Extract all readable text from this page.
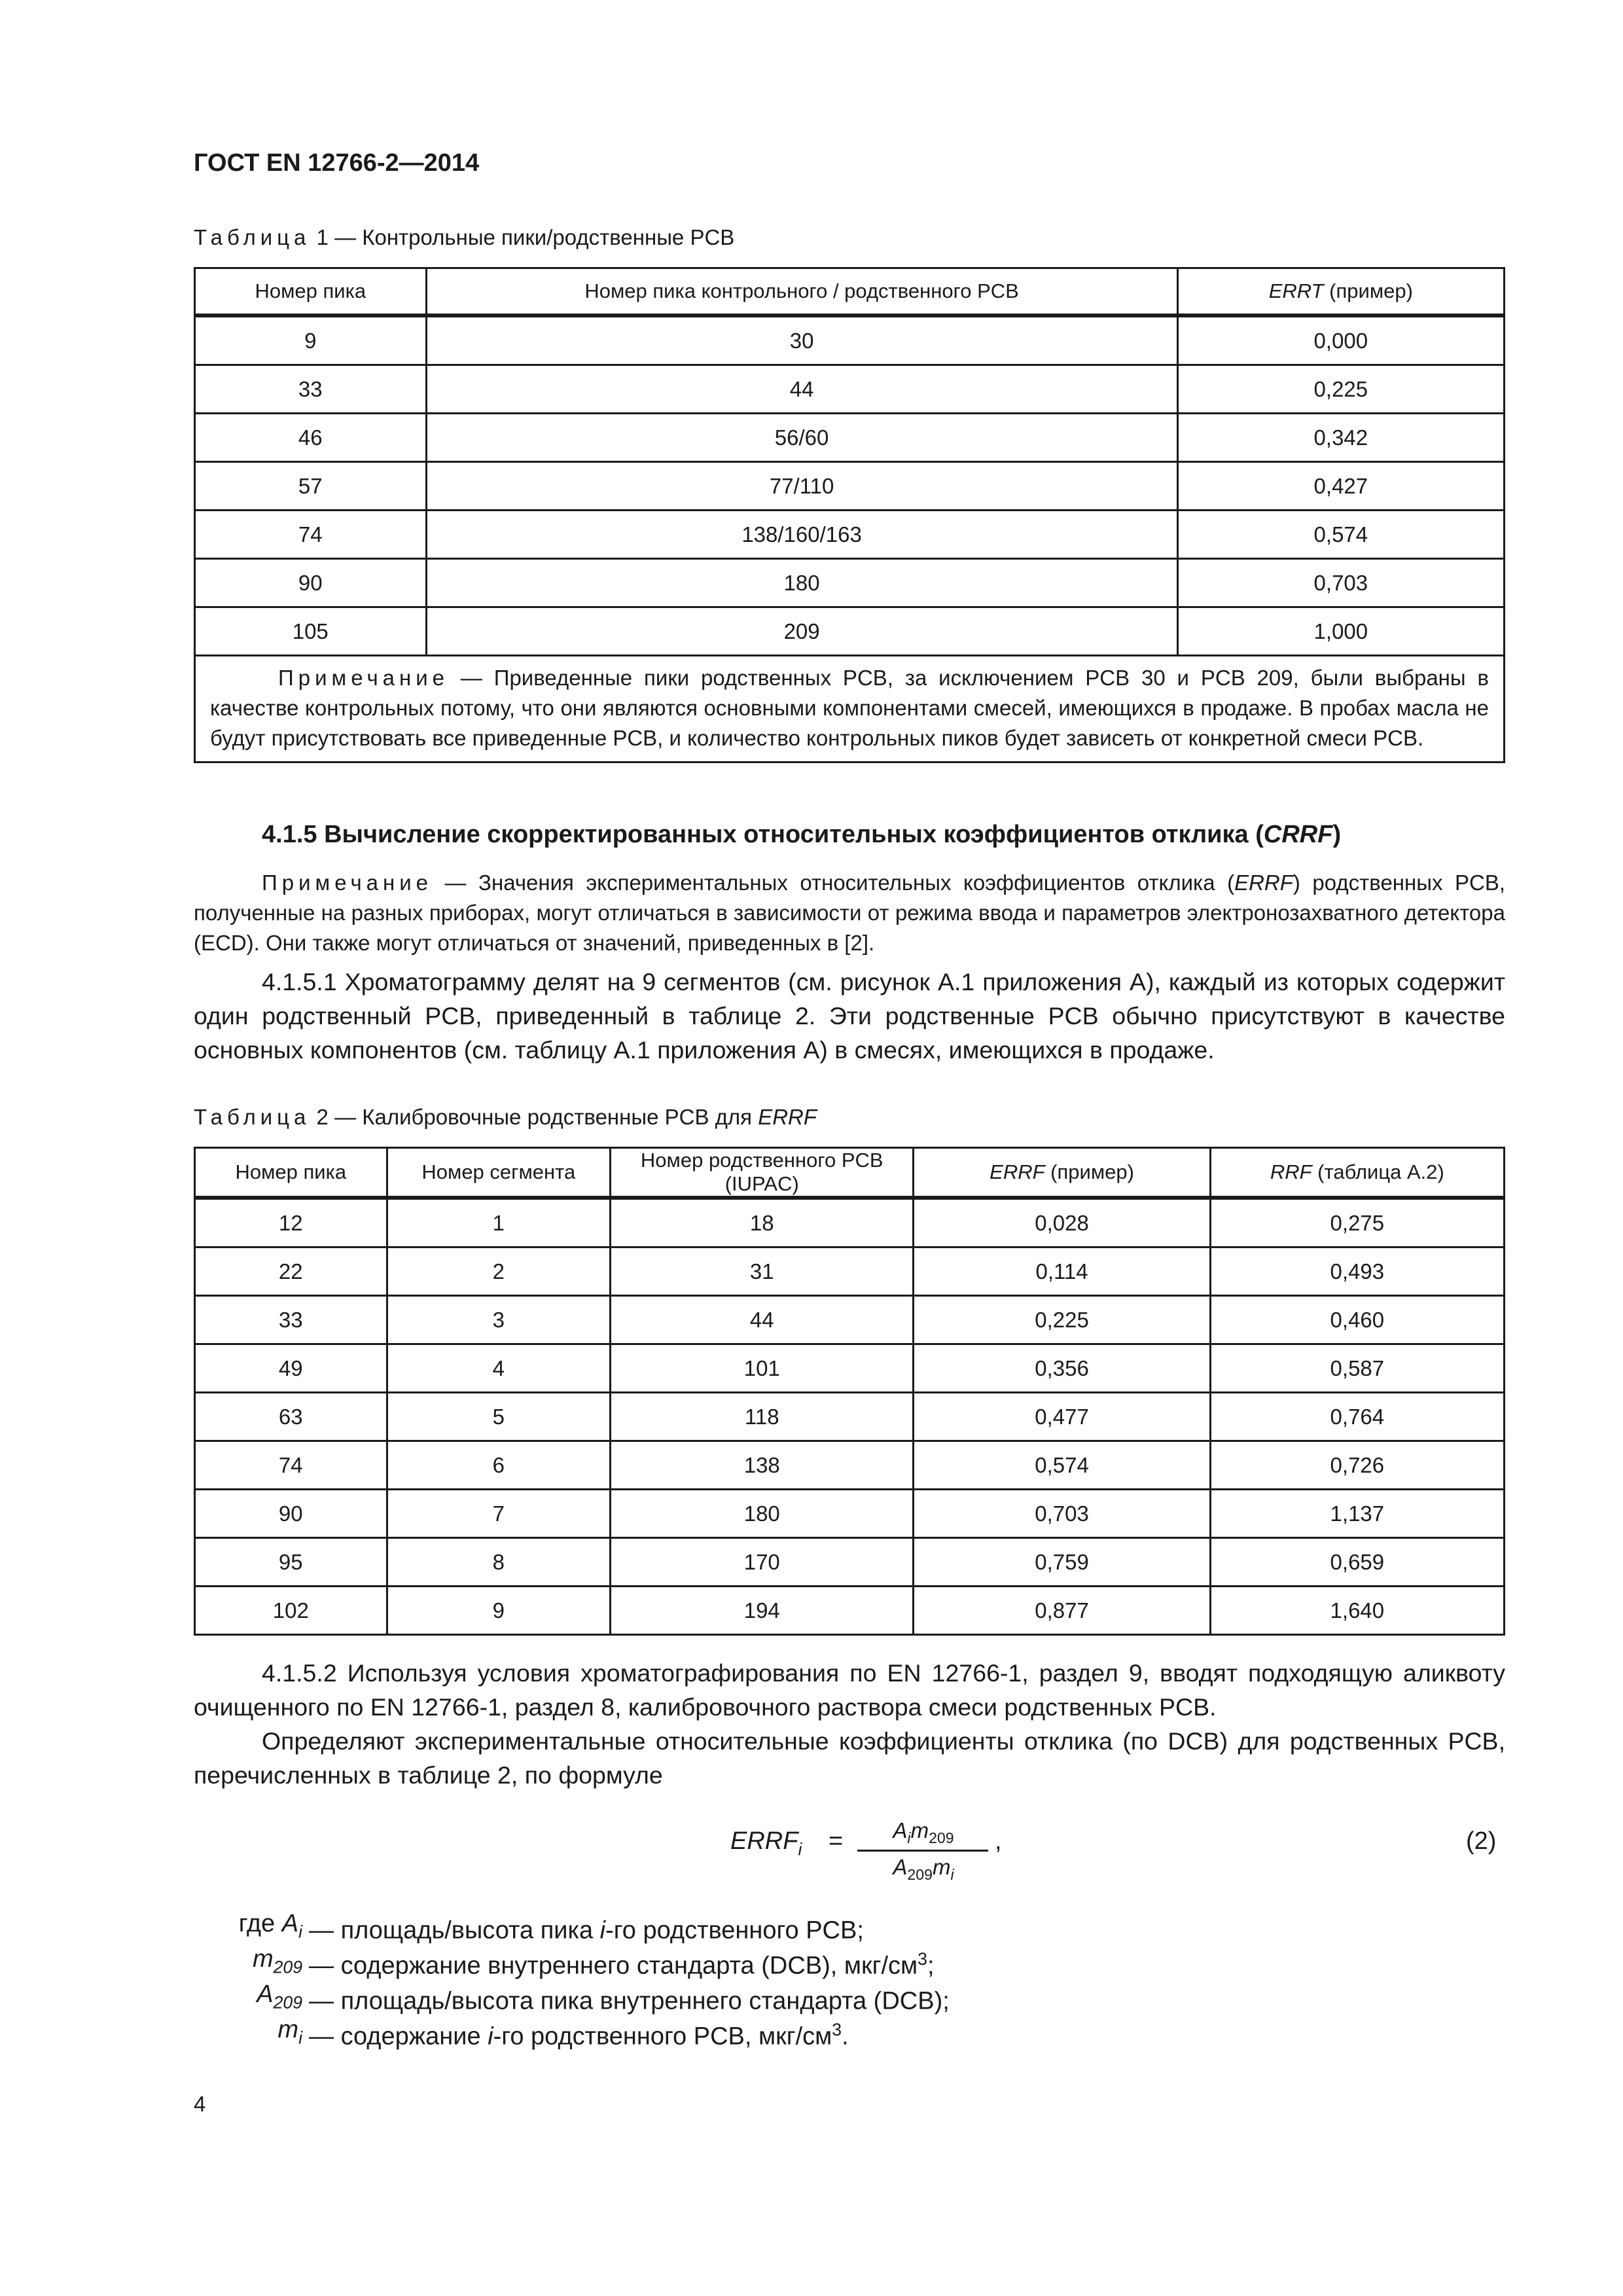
ГОСТ EN 12766-2—2014
Таблица 1 — Контрольные пики/родственные PCB
Номер пика	Номер пика контрольного / родственного PCB	ERRT (пример)
9	30	0,000
33	44	0,225
46	56/60	0,342
57	77/110	0,427
74	138/160/163	0,574
90	180	0,703
105	209	1,000
Примечание — Приведенные пики родственных PCB, за исключением PCB 30 и PCB 209, были выбраны в качестве контрольных потому, что они являются основными компонентами смесей, имеющихся в продаже. В пробах масла не будут присутствовать все приведенные PCB, и количество контрольных пиков будет зависеть от конкретной смеси PCB.		
4.1.5 Вычисление скорректированных относительных коэффициентов отклика (CRRF)
Примечание — Значения экспериментальных относительных коэффициентов отклика (ERRF) родственных PCB, полученные на разных приборах, могут отличаться в зависимости от режима ввода и параметров электронозахватного детектора (ECD). Они также могут отличаться от значений, приведенных в [2].
4.1.5.1 Хроматограмму делят на 9 сегментов (см. рисунок А.1 приложения А), каждый из которых содержит один родственный PCB, приведенный в таблице 2. Эти родственные PCB обычно присутствуют в качестве основных компонентов (см. таблицу А.1 приложения А) в смесях, имеющихся в продаже.
Таблица 2 — Калибровочные родственные PCB для ERRF
Номер пика	Номер сегмента	Номер родственного PCB (IUPAC)	ERRF (пример)	RRF (таблица А.2)
12	1	18	0,028	0,275
22	2	31	0,114	0,493
33	3	44	0,225	0,460
49	4	101	0,356	0,587
63	5	118	0,477	0,764
74	6	138	0,574	0,726
90	7	180	0,703	1,137
95	8	170	0,759	0,659
102	9	194	0,877	1,640
4.1.5.2 Используя условия хроматографирования по EN 12766-1, раздел 9, вводят подходящую аликвоту очищенного по EN 12766-1, раздел 8, калибровочного раствора смеси родственных PCB.
Определяют экспериментальные относительные коэффициенты отклика (по DCB) для родственных PCB, перечисленных в таблице 2, по формуле
$ERRF_i$ =	$A_im_{209}$
$A_{209}m_i$
,	(2)
где $A_i$ — площадь/высота пика i-го родственного PCB;
$m_{209}$ — содержание внутреннего стандарта (DCB), мкг/$см^3$;
$A_{209}$ — площадь/высота пика внутреннего стандарта (DCB);
$m_i$ — содержание i-го родственного PCB, мкг/$см^3$.
4
